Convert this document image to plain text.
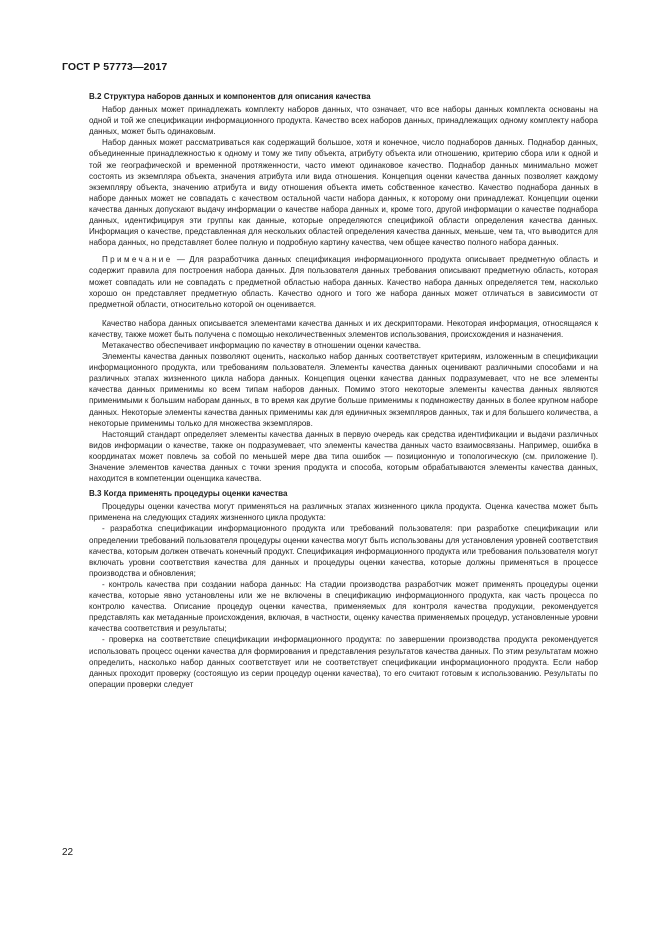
ГОСТ Р 57773—2017

B.2 Структура наборов данных и компонентов для описания качества

Набор данных может принадлежать комплекту наборов данных, что означает, что все наборы данных комплекта основаны на одной и той же спецификации информационного продукта. Качество всех наборов данных, принадлежащих одному комплекту набора данных, может быть одинаковым.

Набор данных может рассматриваться как содержащий большое, хотя и конечное, число поднаборов данных. Поднабор данных, объединенные принадлежностью к одному и тому же типу объекта, атрибуту объекта или отношению, критерию сбора или к одной и той же географической и временной протяженности, часто имеют одинаковое качество. Поднабор данных минимально может состоять из экземпляра объекта, значения атрибута или вида отношения. Концепция оценки качества данных позволяет каждому экземпляру объекта, значению атрибута и виду отношения объекта иметь собственное качество. Качество поднабора данных в наборе данных может не совпадать с качеством остальной части набора данных, к которому они принадлежат. Концепции оценки качества данных допускают выдачу информации о качестве набора данных и, кроме того, другой информации о качестве поднабора данных, идентифицируя эти группы как данные, которые определяются спецификой области определения качества данных. Информация о качестве, представленная для нескольких областей определения качества данных, меньше, чем та, что выводится для набора данных, но представляет более полную и подробную картину качества, чем общее качество полного набора данных.

Примечание — Для разработчика данных спецификация информационного продукта описывает предметную область и содержит правила для построения набора данных. Для пользователя данных требования описывают предметную область, которая может совпадать или не совпадать с предметной областью набора данных. Качество набора данных определяется тем, насколько хорошо он представляет предметную область. Качество одного и того же набора данных может отличаться в зависимости от предметной области, относительно которой он оценивается.

Качество набора данных описывается элементами качества данных и их дескрипторами. Некоторая информация, относящаяся к качеству, также может быть получена с помощью неколичественных элементов использования, происхождения и назначения.

Метакачество обеспечивает информацию по качеству в отношении оценки качества.

Элементы качества данных позволяют оценить, насколько набор данных соответствует критериям, изложенным в спецификации информационного продукта, или требованиям пользователя. Элементы качества данных оценивают различными способами и на различных этапах жизненного цикла набора данных. Концепция оценки качества данных подразумевает, что не все элементы качества данных применимы ко всем типам наборов данных. Помимо этого некоторые элементы качества данных являются применимыми к большим наборам данных, в то время как другие больше применимы к подмножеству данных в более крупном наборе данных. Некоторые элементы качества данных применимы как для единичных экземпляров данных, так и для большего количества, а некоторые применимы только для множества экземпляров.

Настоящий стандарт определяет элементы качества данных в первую очередь как средства идентификации и выдачи различных видов информации о качестве, также он подразумевает, что элементы качества данных часто взаимосвязаны. Например, ошибка в координатах может повлечь за собой по меньшей мере два типа ошибок — позиционную и топологическую (см. приложение I). Значение элементов качества данных с точки зрения продукта и способа, которым обрабатываются элементы качества данных, находится в компетенции оценщика качества.

B.3 Когда применять процедуры оценки качества

Процедуры оценки качества могут применяться на различных этапах жизненного цикла продукта. Оценка качества может быть применена на следующих стадиях жизненного цикла продукта:

- разработка спецификации информационного продукта или требований пользователя: при разработке спецификации или определении требований пользователя процедуры оценки качества могут быть использованы для установления уровней соответствия качества, которым должен отвечать конечный продукт. Спецификация информационного продукта или требования пользователя могут включать уровни соответствия качества для данных и процедуры оценки качества, которые должны применяться в процессе производства и обновления;

- контроль качества при создании набора данных: На стадии производства разработчик может применять процедуры оценки качества, которые явно установлены или же не включены в спецификацию информационного продукта, как часть процесса по контролю качества. Описание процедур оценки качества, применяемых для контроля качества продукции, рекомендуется представлять как метаданные происхождения, включая, в частности, оценку качества применяемых процедур, установленные уровни качества соответствия и результаты;

- проверка на соответствие спецификации информационного продукта: по завершении производства продукта рекомендуется использовать процесс оценки качества для формирования и представления результатов качества данных. По этим результатам можно определить, насколько набор данных соответствует или не соответствует спецификации информационного продукта. Если набор данных проходит проверку (состоящую из серии процедур оценки качества), то его считают готовым к использованию. Результаты по операции проверки следует

22
